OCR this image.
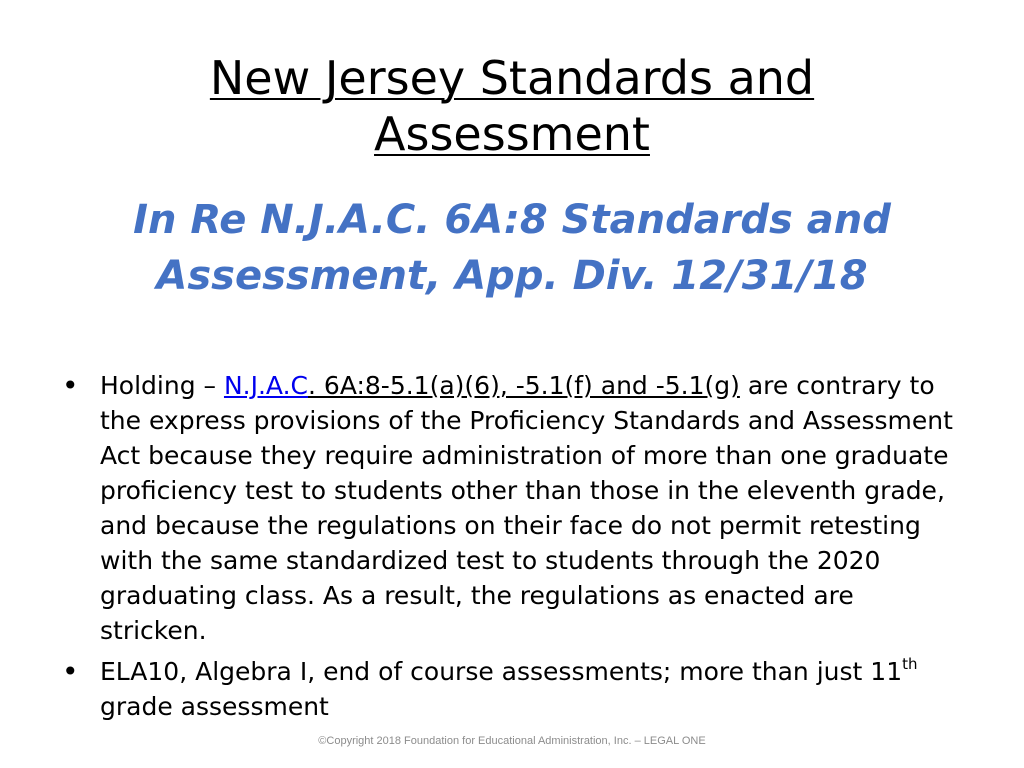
New Jersey Standards and
Assessment
In Re N.J.A.C. 6A:8 Standards and
Assessment, App. Div. 12/31/18
• Holding – N.J.A.C. 6A:8-5.1(a)(6), -5.1(f) and -5.1(g) are contrary to the express provisions of the Proficiency Standards and Assessment Act because they require administration of more than one graduate proficiency test to students other than those in the eleventh grade, and because the regulations on their face do not permit retesting with the same standardized test to students through the 2020 graduating class. As a result, the regulations as enacted are stricken.
• ELA10, Algebra I, end of course assessments; more than just 11th grade assessment
©Copyright 2018 Foundation for Educational Administration, Inc. – LEGAL ONE
